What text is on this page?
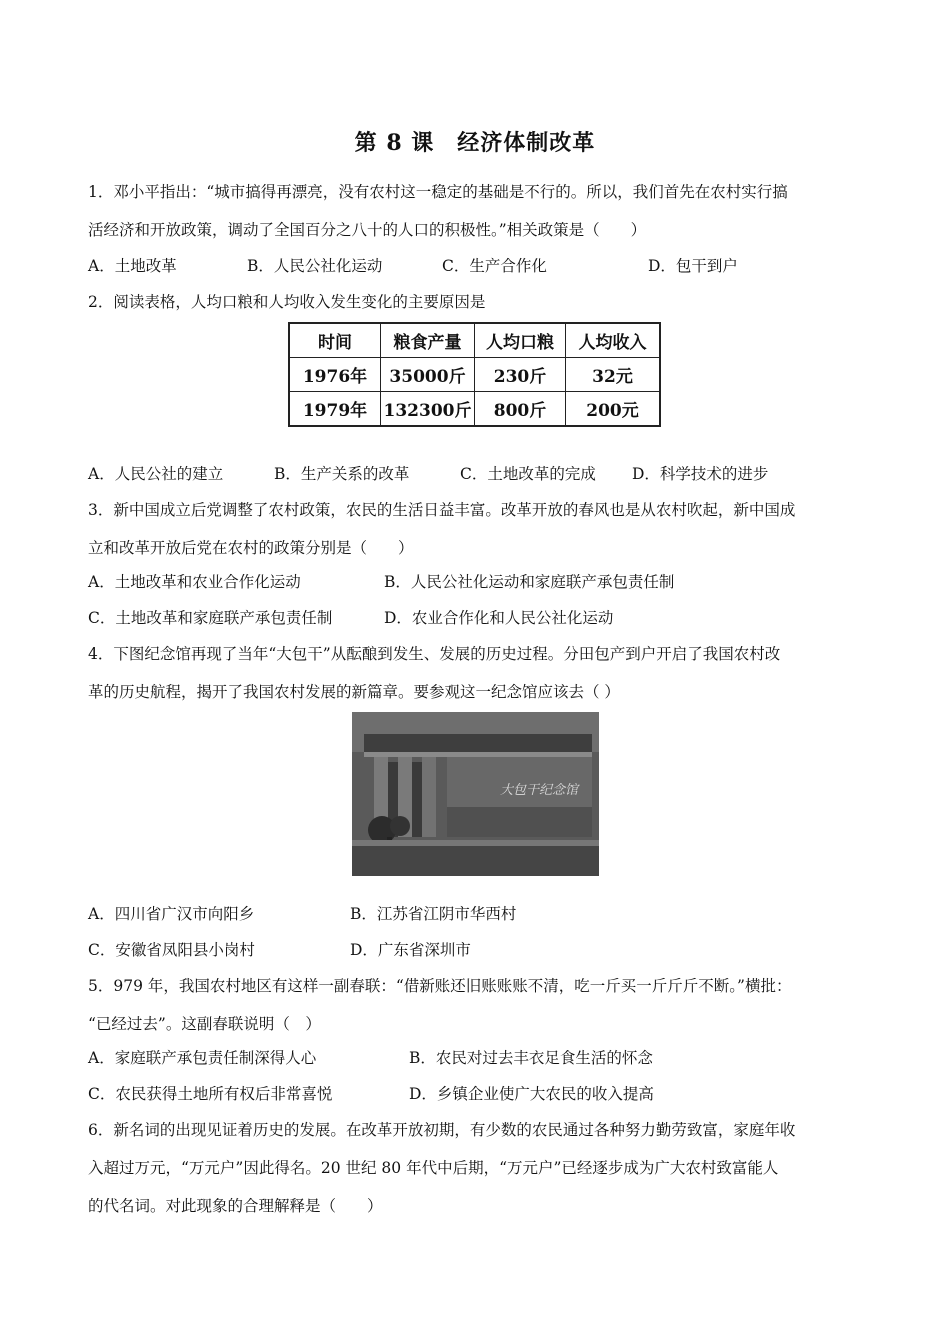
第 8 课　经济体制改革
1．邓小平指出：“城市搞得再漂亮，没有农村这一稳定的基础是不行的。所以，我们首先在农村实行搞
活经济和开放政策，调动了全国百分之八十的人口的积极性。”相关政策是（　　）
A．土地改革	B．人民公社化运动	C．生产合作化	D．包干到户
2．阅读表格，人均口粮和人均收入发生变化的主要原因是
时间	粮食产量	人均口粮	人均收入
1976年	35000斤	230斤	32元
1979年	132300斤	800斤	200元
A．人民公社的建立	B．生产关系的改革	C．土地改革的完成 D．科学技术的进步
3．新中国成立后党调整了农村政策，农民的生活日益丰富。改革开放的春风也是从农村吹起，新中国成
立和改革开放后党在农村的政策分别是（　　）
A．土地改革和农业合作化运动	B．人民公社化运动和家庭联产承包责任制
C．土地改革和家庭联产承包责任制	D．农业合作化和人民公社化运动
4．下图纪念馆再现了当年“大包干”从酝酿到发生、发展的历史过程。分田包产到户开启了我国农村改
革的历史航程，揭开了我国农村发展的新篇章。要参观这一纪念馆应该去（ ）
大包干纪念馆
A．四川省广汉市向阳乡	B．江苏省江阴市华西村
C．安徽省凤阳县小岗村	D．广东省深圳市
5．979 年，我国农村地区有这样一副春联：“借新账还旧账账账不清，吃一斤买一斤斤斤不断。”横批：
“已经过去”。这副春联说明（　）
A．家庭联产承包责任制深得人心	B．农民对过去丰衣足食生活的怀念
C．农民获得土地所有权后非常喜悦	D．乡镇企业使广大农民的收入提高
6．新名词的出现见证着历史的发展。在改革开放初期，有少数的农民通过各种努力勤劳致富，家庭年收
入超过万元，“万元户”因此得名。20 世纪 80 年代中后期，“万元户”已经逐步成为广大农村致富能人
的代名词。对此现象的合理解释是（　　）
